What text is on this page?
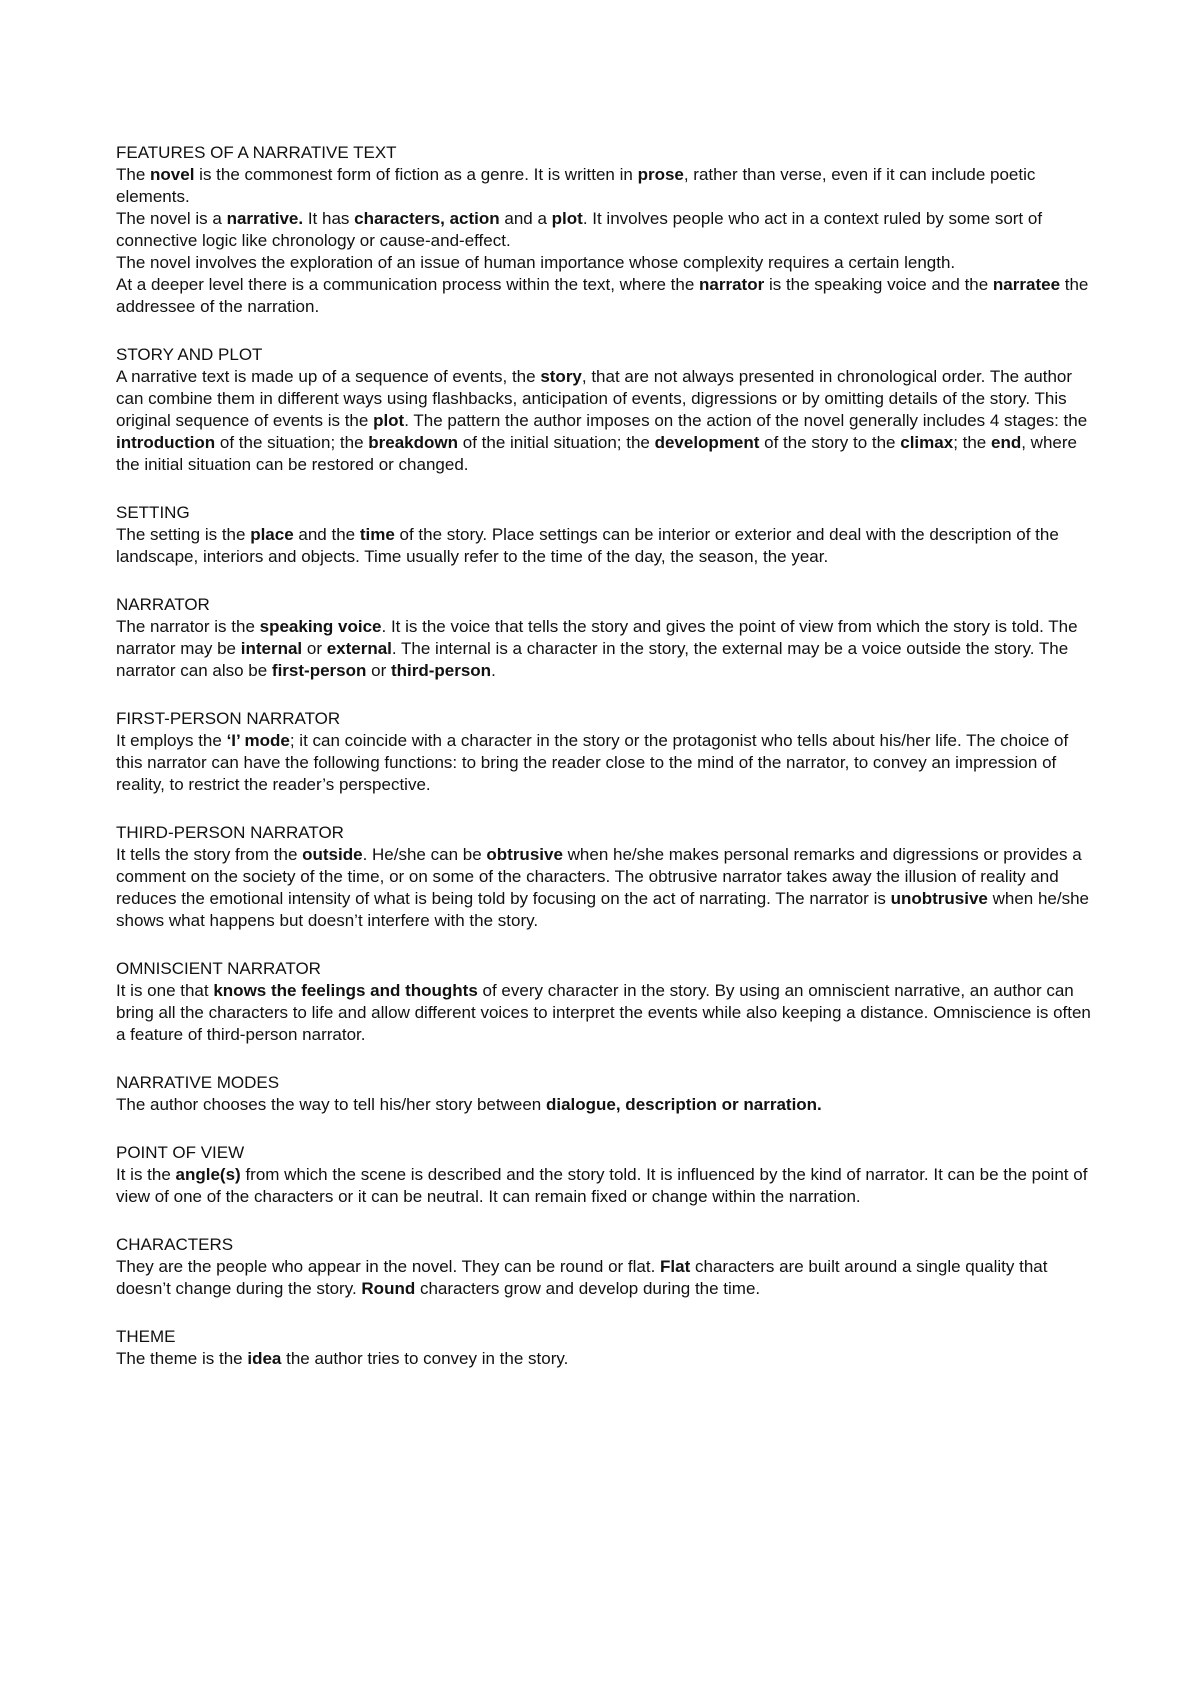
FEATURES OF A NARRATIVE TEXT

The novel is the commonest form of fiction as a genre. It is written in prose, rather than verse, even if it can include poetic elements.

The novel is a narrative. It has characters, action and a plot. It involves people who act in a context ruled by some sort of connective logic like chronology or cause-and-effect.

The novel involves the exploration of an issue of human importance whose complexity requires a certain length.

At a deeper level there is a communication process within the text, where the narrator is the speaking voice and the narratee the addressee of the narration.

STORY AND PLOT

A narrative text is made up of a sequence of events, the story, that are not always presented in chronological order. The author can combine them in different ways using flashbacks, anticipation of events, digressions or by omitting details of the story. This original sequence of events is the plot. The pattern the author imposes on the action of the novel generally includes 4 stages: the introduction of the situation; the breakdown of the initial situation; the development of the story to the climax; the end, where the initial situation can be restored or changed.

SETTING

The setting is the place and the time of the story. Place settings can be interior or exterior and deal with the description of the landscape, interiors and objects. Time usually refer to the time of the day, the season, the year.

NARRATOR

The narrator is the speaking voice. It is the voice that tells the story and gives the point of view from which the story is told. The narrator may be internal or external. The internal is a character in the story, the external may be a voice outside the story. The narrator can also be first-person or third-person.

FIRST-PERSON NARRATOR

It employs the ‘I’ mode; it can coincide with a character in the story or the protagonist who tells about his/her life. The choice of this narrator can have the following functions: to bring the reader close to the mind of the narrator, to convey an impression of reality, to restrict the reader’s perspective.

THIRD-PERSON NARRATOR

It tells the story from the outside. He/she can be obtrusive when he/she makes personal remarks and digressions or provides a comment on the society of the time, or on some of the characters. The obtrusive narrator takes away the illusion of reality and reduces the emotional intensity of what is being told by focusing on the act of narrating. The narrator is unobtrusive when he/she shows what happens but doesn’t interfere with the story.

OMNISCIENT NARRATOR

It is one that knows the feelings and thoughts of every character in the story. By using an omniscient narrative, an author can bring all the characters to life and allow different voices to interpret the events while also keeping a distance. Omniscience is often a feature of third-person narrator.

NARRATIVE MODES

The author chooses the way to tell his/her story between dialogue, description or narration.

POINT OF VIEW

It is the angle(s) from which the scene is described and the story told. It is influenced by the kind of narrator. It can be the point of view of one of the characters or it can be neutral. It can remain fixed or change within the narration.

CHARACTERS

They are the people who appear in the novel. They can be round or flat. Flat characters are built around a single quality that doesn’t change during the story. Round characters grow and develop during the time.

THEME

The theme is the idea the author tries to convey in the story.
